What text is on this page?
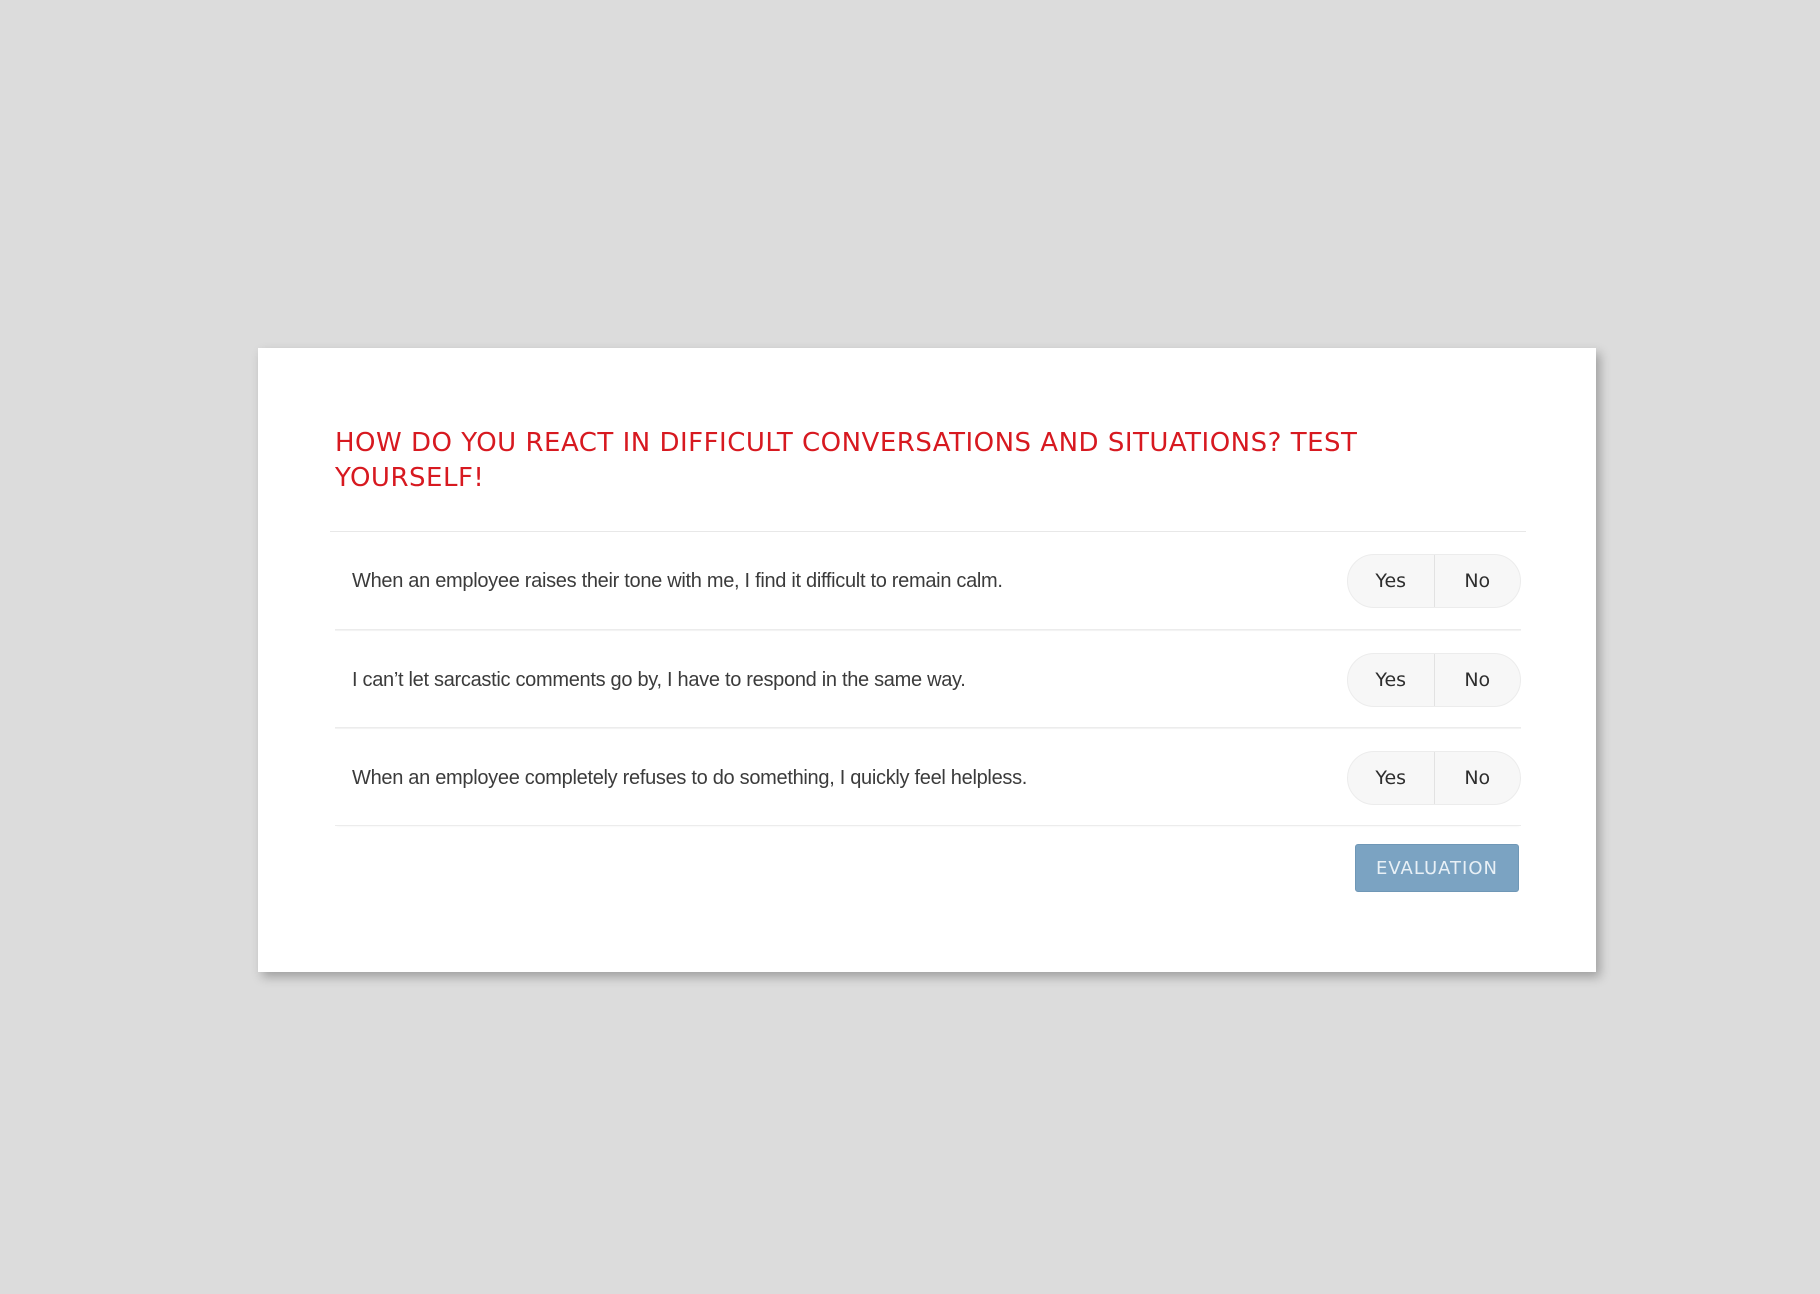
HOW DO YOU REACT IN DIFFICULT CONVERSATIONS AND SITUATIONS? TEST YOURSELF!
When an employee raises their tone with me, I find it difficult to remain calm.	Yes	No
I can’t let sarcastic comments go by, I have to respond in the same way.	Yes	No
When an employee completely refuses to do something, I quickly feel helpless.	Yes	No
EVALUATION
